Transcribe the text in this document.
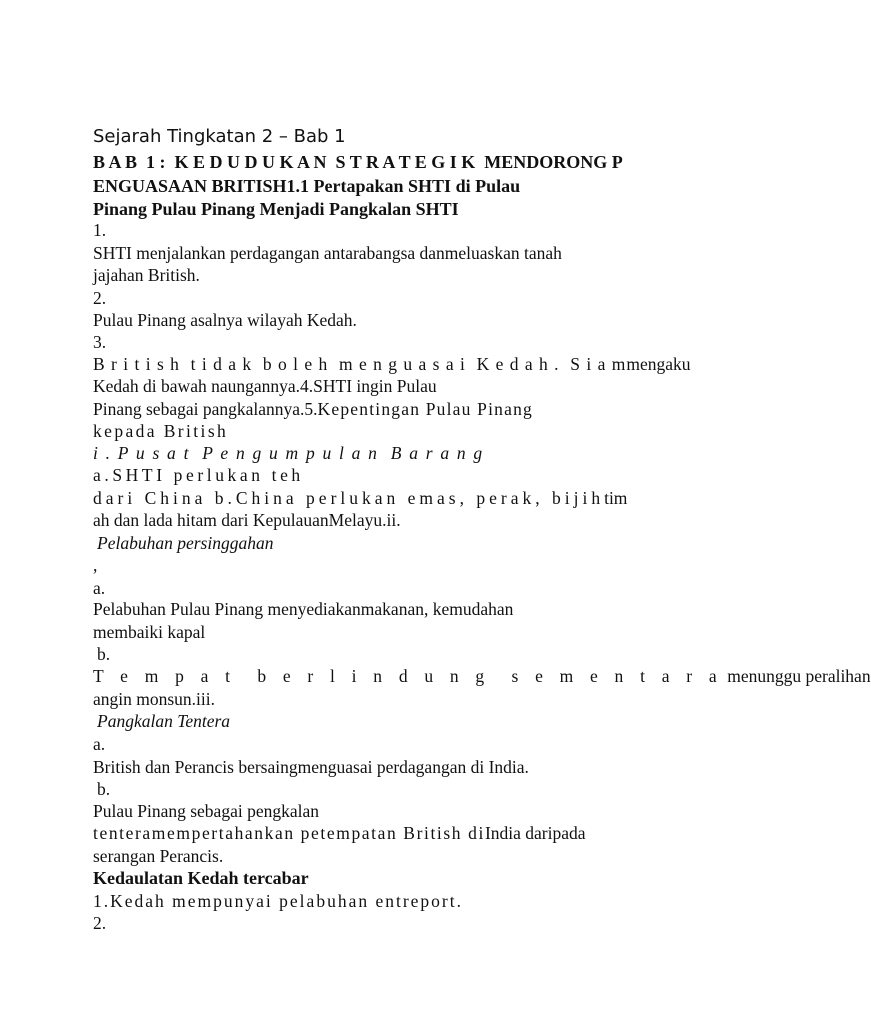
Sejarah Tingkatan 2 – Bab 1
B A B  1 :  K E D U D U K A N  S T R A T E G I K  MENDORONG P
ENGUASAAN BRITISH1.1 Pertapakan SHTI di Pulau
Pinang Pulau Pinang Menjadi Pangkalan SHTI
1.
SHTI menjalankan perdagangan antarabangsa danmeluaskan tanah
jajahan British.
2.
Pulau Pinang asalnya wilayah Kedah.
3.
B r i t i s h  t i d a k  b o l e h  m e n g u a s a i  K e d a h .  S i a mmengaku
Kedah di bawah naungannya.4.SHTI ingin Pulau
Pinang sebagai pangkalannya.5.Kepentingan Pulau Pinang
kepada British
i . P u s a t  P e n g u m p u l a n  B a r a n g
a.SHTI perlukan teh
dari China b.China perlukan emas, perak, bijihtim
ah dan lada hitam dari KepulauanMelayu.ii.
Pelabuhan persinggahan
,
a.
Pelabuhan Pulau Pinang menyediakanmakanan, kemudahan
membaiki kapal
b.
T e m p a t  b e r l i n d u n g  s e m e n t a r a menunggu peralihan
angin monsun.iii.
Pangkalan Tentera
a.
British dan Perancis bersaingmenguasai perdagangan di India.
b.
Pulau Pinang sebagai pengkalan
tenteramempertahankan petempatan British diIndia daripada
serangan Perancis.
Kedaulatan Kedah tercabar
1.Kedah mempunyai pelabuhan entreport.
2.
